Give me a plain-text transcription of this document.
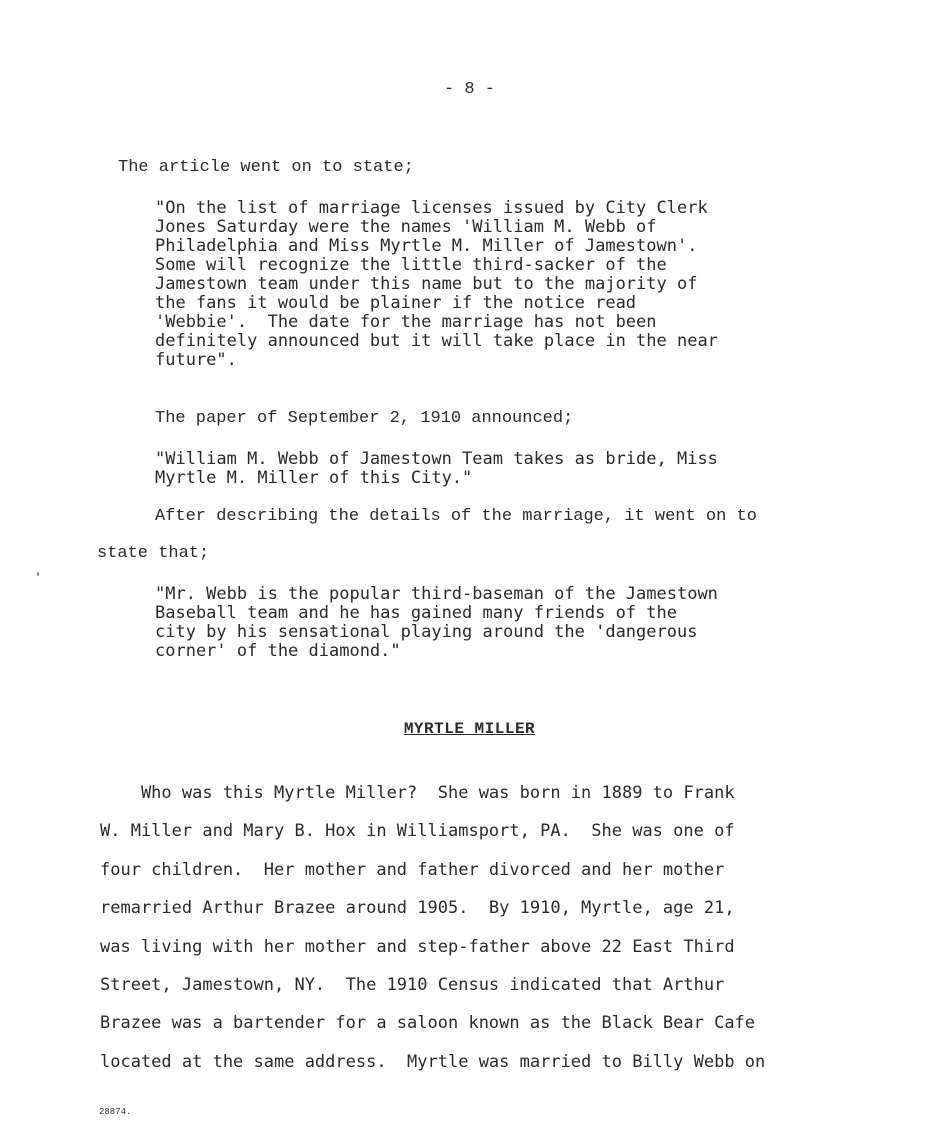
- 8 -
The article went on to state;
"On the list of marriage licenses issued by City Clerk
Jones Saturday were the names 'William M. Webb of
Philadelphia and Miss Myrtle M. Miller of Jamestown'.
Some will recognize the little third-sacker of the
Jamestown team under this name but to the majority of
the fans it would be plainer if the notice read
'Webbie'.  The date for the marriage has not been
definitely announced but it will take place in the near
future".
The paper of September 2, 1910 announced;
"William M. Webb of Jamestown Team takes as bride, Miss
Myrtle M. Miller of this City."
After describing the details of the marriage, it went on to
state that;
"Mr. Webb is the popular third-baseman of the Jamestown
Baseball team and he has gained many friends of the
city by his sensational playing around the 'dangerous
corner' of the diamond."
MYRTLE MILLER
Who was this Myrtle Miller?  She was born in 1889 to Frank
W. Miller and Mary B. Hox in Williamsport, PA.  She was one of
four children.  Her mother and father divorced and her mother
remarried Arthur Brazee around 1905.  By 1910, Myrtle, age 21,
was living with her mother and step-father above 22 East Third
Street, Jamestown, NY.  The 1910 Census indicated that Arthur
Brazee was a bartender for a saloon known as the Black Bear Cafe
located at the same address.  Myrtle was married to Billy Webb on
28874.
